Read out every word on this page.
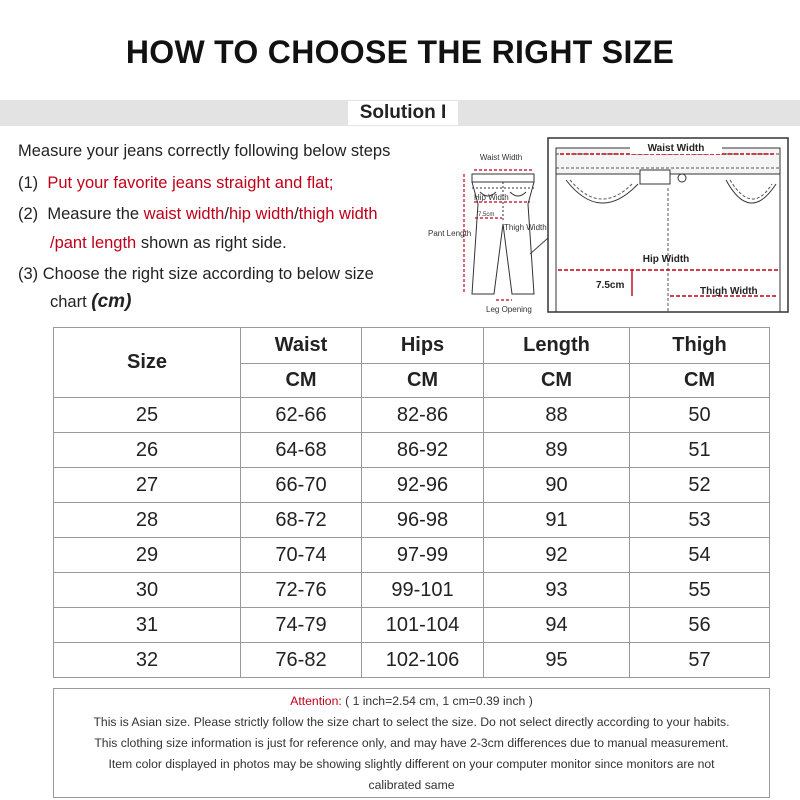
HOW TO CHOOSE THE RIGHT SIZE
Solution I
Measure your jeans correctly following below steps
(1) Put your favorite jeans straight and flat;
(2) Measure the waist width/hip width/thigh width
/pant length shown as right side.
(3) Choose the right size according to below size
chart (cm)
Waist Width
Hip Width
Thigh Width
7.5cm
Pant Length
Leg Opening
Waist Width
Hip Width
7.5cm
Thigh Width
Size	Waist	Hips	Length	Thigh
	CM	CM	CM	CM
25	62-66	82-86	88	50
26	64-68	86-92	89	51
27	66-70	92-96	90	52
28	68-72	96-98	91	53
29	70-74	97-99	92	54
30	72-76	99-101	93	55
31	74-79	101-104	94	56
32	76-82	102-106	95	57
Attention: ( 1 inch=2.54 cm, 1 cm=0.39 inch )
This is Asian size. Please strictly follow the size chart to select the size. Do not select directly according to your habits.
This clothing size information is just for reference only, and may have 2-3cm differences due to manual measurement.
Item color displayed in photos may be showing slightly different on your computer monitor since monitors are not
calibrated same
